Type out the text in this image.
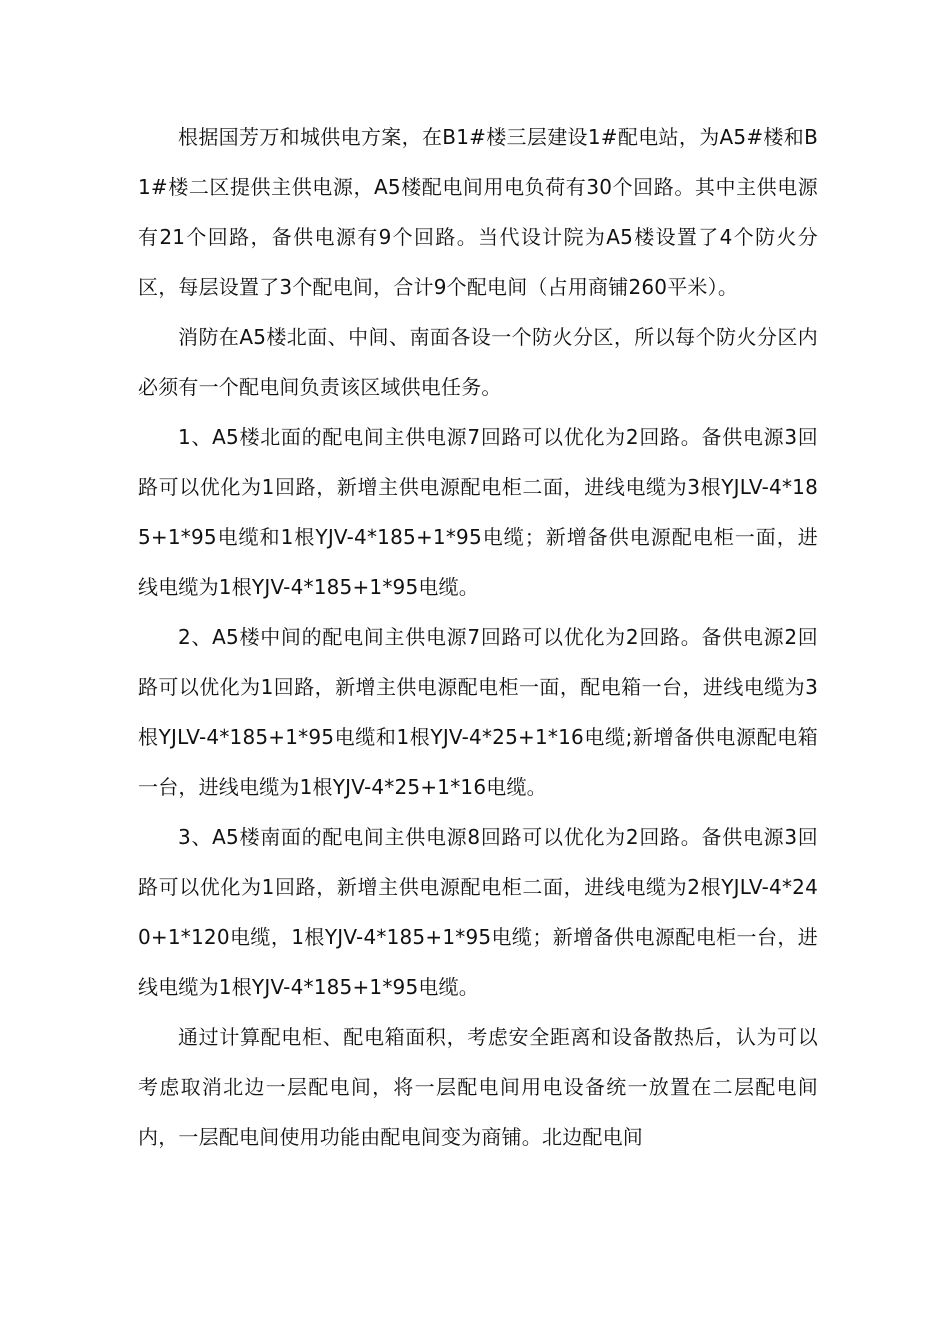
根据国芳万和城供电方案，在B1#楼三层建设1#配电站，为A5#楼和B1#楼二区提供主供电源，A5楼配电间用电负荷有30个回路。其中主供电源有21个回路，备供电源有9个回路。当代设计院为A5楼设置了4个防火分区，每层设置了3个配电间，合计9个配电间（占用商铺260平米）。

消防在A5楼北面、中间、南面各设一个防火分区，所以每个防火分区内必须有一个配电间负责该区域供电任务。

1、A5楼北面的配电间主供电源7回路可以优化为2回路。备供电源3回路可以优化为1回路，新增主供电源配电柜二面，进线电缆为3根YJLV-4*185+1*95电缆和1根YJV-4*185+1*95电缆；新增备供电源配电柜一面，进线电缆为1根YJV-4*185+1*95电缆。

2、A5楼中间的配电间主供电源7回路可以优化为2回路。备供电源2回路可以优化为1回路，新增主供电源配电柜一面，配电箱一台，进线电缆为3根YJLV-4*185+1*95电缆和1根YJV-4*25+1*16电缆;新增备供电源配电箱一台，进线电缆为1根YJV-4*25+1*16电缆。

3、A5楼南面的配电间主供电源8回路可以优化为2回路。备供电源3回路可以优化为1回路，新增主供电源配电柜二面，进线电缆为2根YJLV-4*240+1*120电缆，1根YJV-4*185+1*95电缆；新增备供电源配电柜一台，进线电缆为1根YJV-4*185+1*95电缆。

通过计算配电柜、配电箱面积，考虑安全距离和设备散热后，认为可以考虑取消北边一层配电间，将一层配电间用电设备统一放置在二层配电间内，一层配电间使用功能由配电间变为商铺。北边配电间
